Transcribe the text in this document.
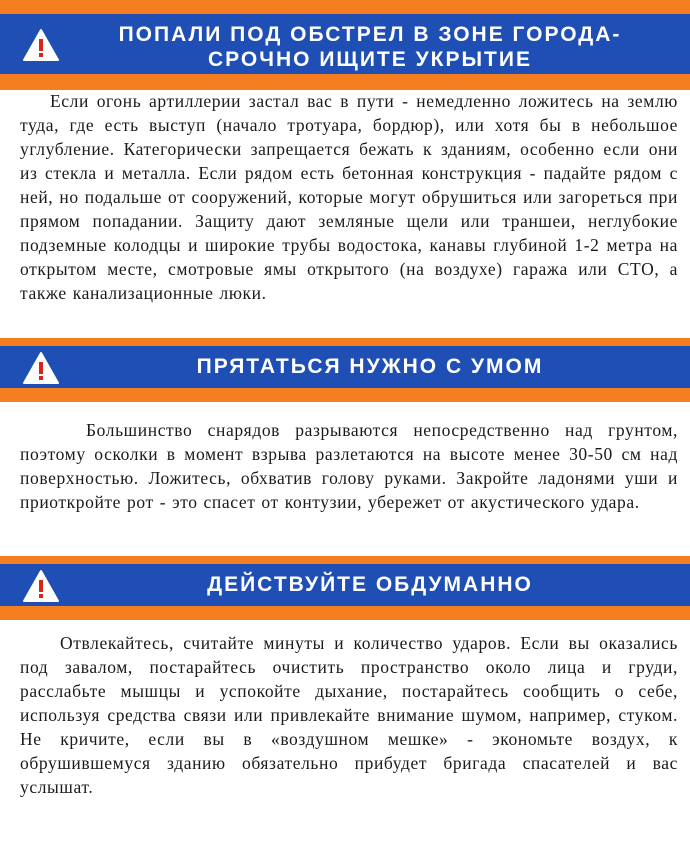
ПОПАЛИ ПОД ОБСТРЕЛ В ЗОНЕ ГОРОДА-
СРОЧНО ИЩИТЕ УКРЫТИЕ

Если огонь артиллерии застал вас в пути - немедленно ложитесь на землю туда, где есть выступ (начало тротуара, бордюр), или хотя бы в небольшое углубление. Категорически запрещается бежать к зданиям, особенно если они из стекла и металла. Если рядом есть бетонная конструкция - падайте рядом с ней, но подальше от сооружений, которые могут обрушиться или загореться при прямом попадании. Защиту дают земляные щели или траншеи, неглубокие подземные колодцы и широкие трубы водостока, канавы глубиной 1-2 метра на открытом месте, смотровые ямы открытого (на воздухе) гаража или СТО, а также канализационные люки.

ПРЯТАТЬСЯ НУЖНО С УМОМ

Большинство снарядов разрываются непосредственно над грунтом, поэтому осколки в момент взрыва разлетаются на высоте менее 30-50 см над поверхностью. Ложитесь, обхватив голову руками. Закройте ладонями уши и приоткройте рот - это спасет от контузии, убережет от акустического удара.

ДЕЙСТВУЙТЕ ОБДУМАННО

Отвлекайтесь, считайте минуты и количество ударов. Если вы оказались под завалом, постарайтесь очистить пространство около лица и груди, расслабьте мышцы и успокойте дыхание, постарайтесь сообщить о себе, используя средства связи или привлекайте внимание шумом, например, стуком. Не кричите, если вы в «воздушном мешке» - экономьте воздух, к обрушившемуся зданию обязательно прибудет бригада спасателей и вас услышат.
